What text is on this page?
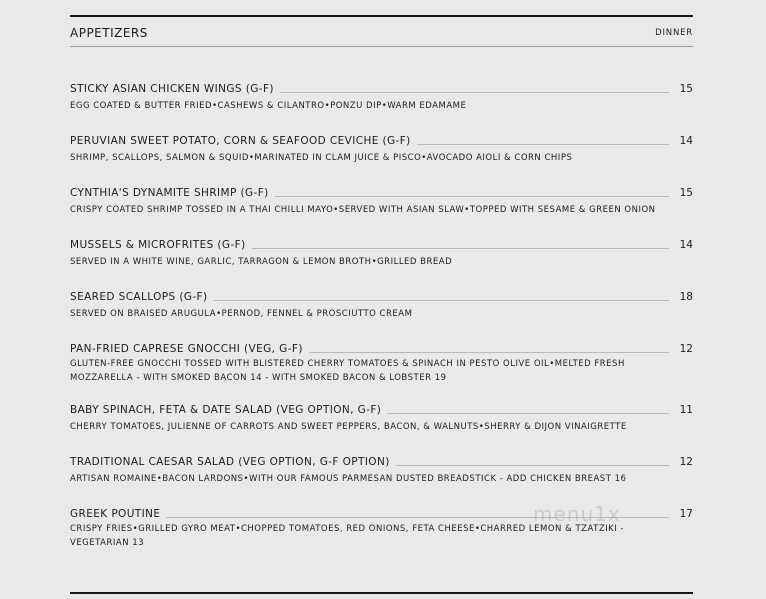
APPETIZERS	DINNER
STICKY ASIAN CHICKEN WINGS (G-F)	15
EGG COATED & BUTTER FRIED•CASHEWS & CILANTRO•PONZU DIP•WARM EDAMAME
PERUVIAN SWEET POTATO, CORN & SEAFOOD CEVICHE (G-F)	14
SHRIMP, SCALLOPS, SALMON & SQUID•MARINATED IN CLAM JUICE & PISCO•AVOCADO AIOLI & CORN CHIPS
CYNTHIA'S DYNAMITE SHRIMP (G-F)	15
CRISPY COATED SHRIMP TOSSED IN A THAI CHILLI MAYO•SERVED WITH ASIAN SLAW•TOPPED WITH SESAME & GREEN ONION
MUSSELS & MICROFRITES (G-F)	14
SERVED IN A WHITE WINE, GARLIC, TARRAGON & LEMON BROTH•GRILLED BREAD
SEARED SCALLOPS (G-F)	18
SERVED ON BRAISED ARUGULA•PERNOD, FENNEL & PROSCIUTTO CREAM
PAN-FRIED CAPRESE GNOCCHI (VEG, G-F)	12
GLUTEN-FREE GNOCCHI TOSSED WITH BLISTERED CHERRY TOMATOES & SPINACH IN PESTO OLIVE OIL•MELTED FRESH MOZZARELLA - WITH SMOKED BACON 14 - WITH SMOKED BACON & LOBSTER 19
BABY SPINACH, FETA & DATE SALAD (VEG OPTION, G-F)	11
CHERRY TOMATOES, JULIENNE OF CARROTS AND SWEET PEPPERS, BACON, & WALNUTS•SHERRY & DIJON VINAIGRETTE
TRADITIONAL CAESAR SALAD (VEG OPTION, G-F OPTION)	12
ARTISAN ROMAINE•BACON LARDONS•WITH OUR FAMOUS PARMESAN DUSTED BREADSTICK - ADD CHICKEN BREAST 16
GREEK POUTINE	17
CRISPY FRIES•GRILLED GYRO MEAT•CHOPPED TOMATOES, RED ONIONS, FETA CHEESE•CHARRED LEMON & TZATZIKI - VEGETARIAN 13
menu1x
